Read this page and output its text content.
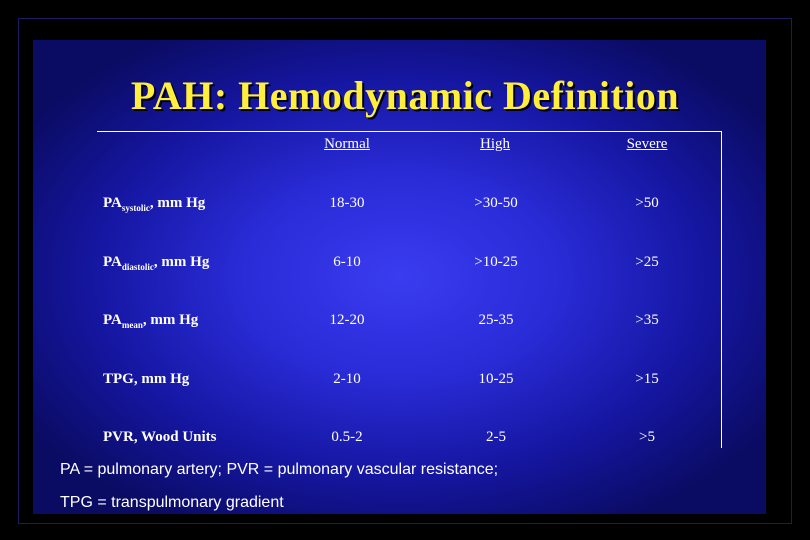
PAH: Hemodynamic Definition
Normal	High	Severe
$PA_{systolic}$, mm Hg	18-30	>30-50	>50
$PA_{diastolic}$, mm Hg	6-10	>10-25	>25
$PA_{mean}$, mm Hg	12-20	25-35	>35
TPG, mm Hg	2-10	10-25	>15
PVR, Wood Units	0.5-2	2-5	>5
PA = pulmonary artery; PVR = pulmonary vascular resistance;
TPG = transpulmonary gradient
